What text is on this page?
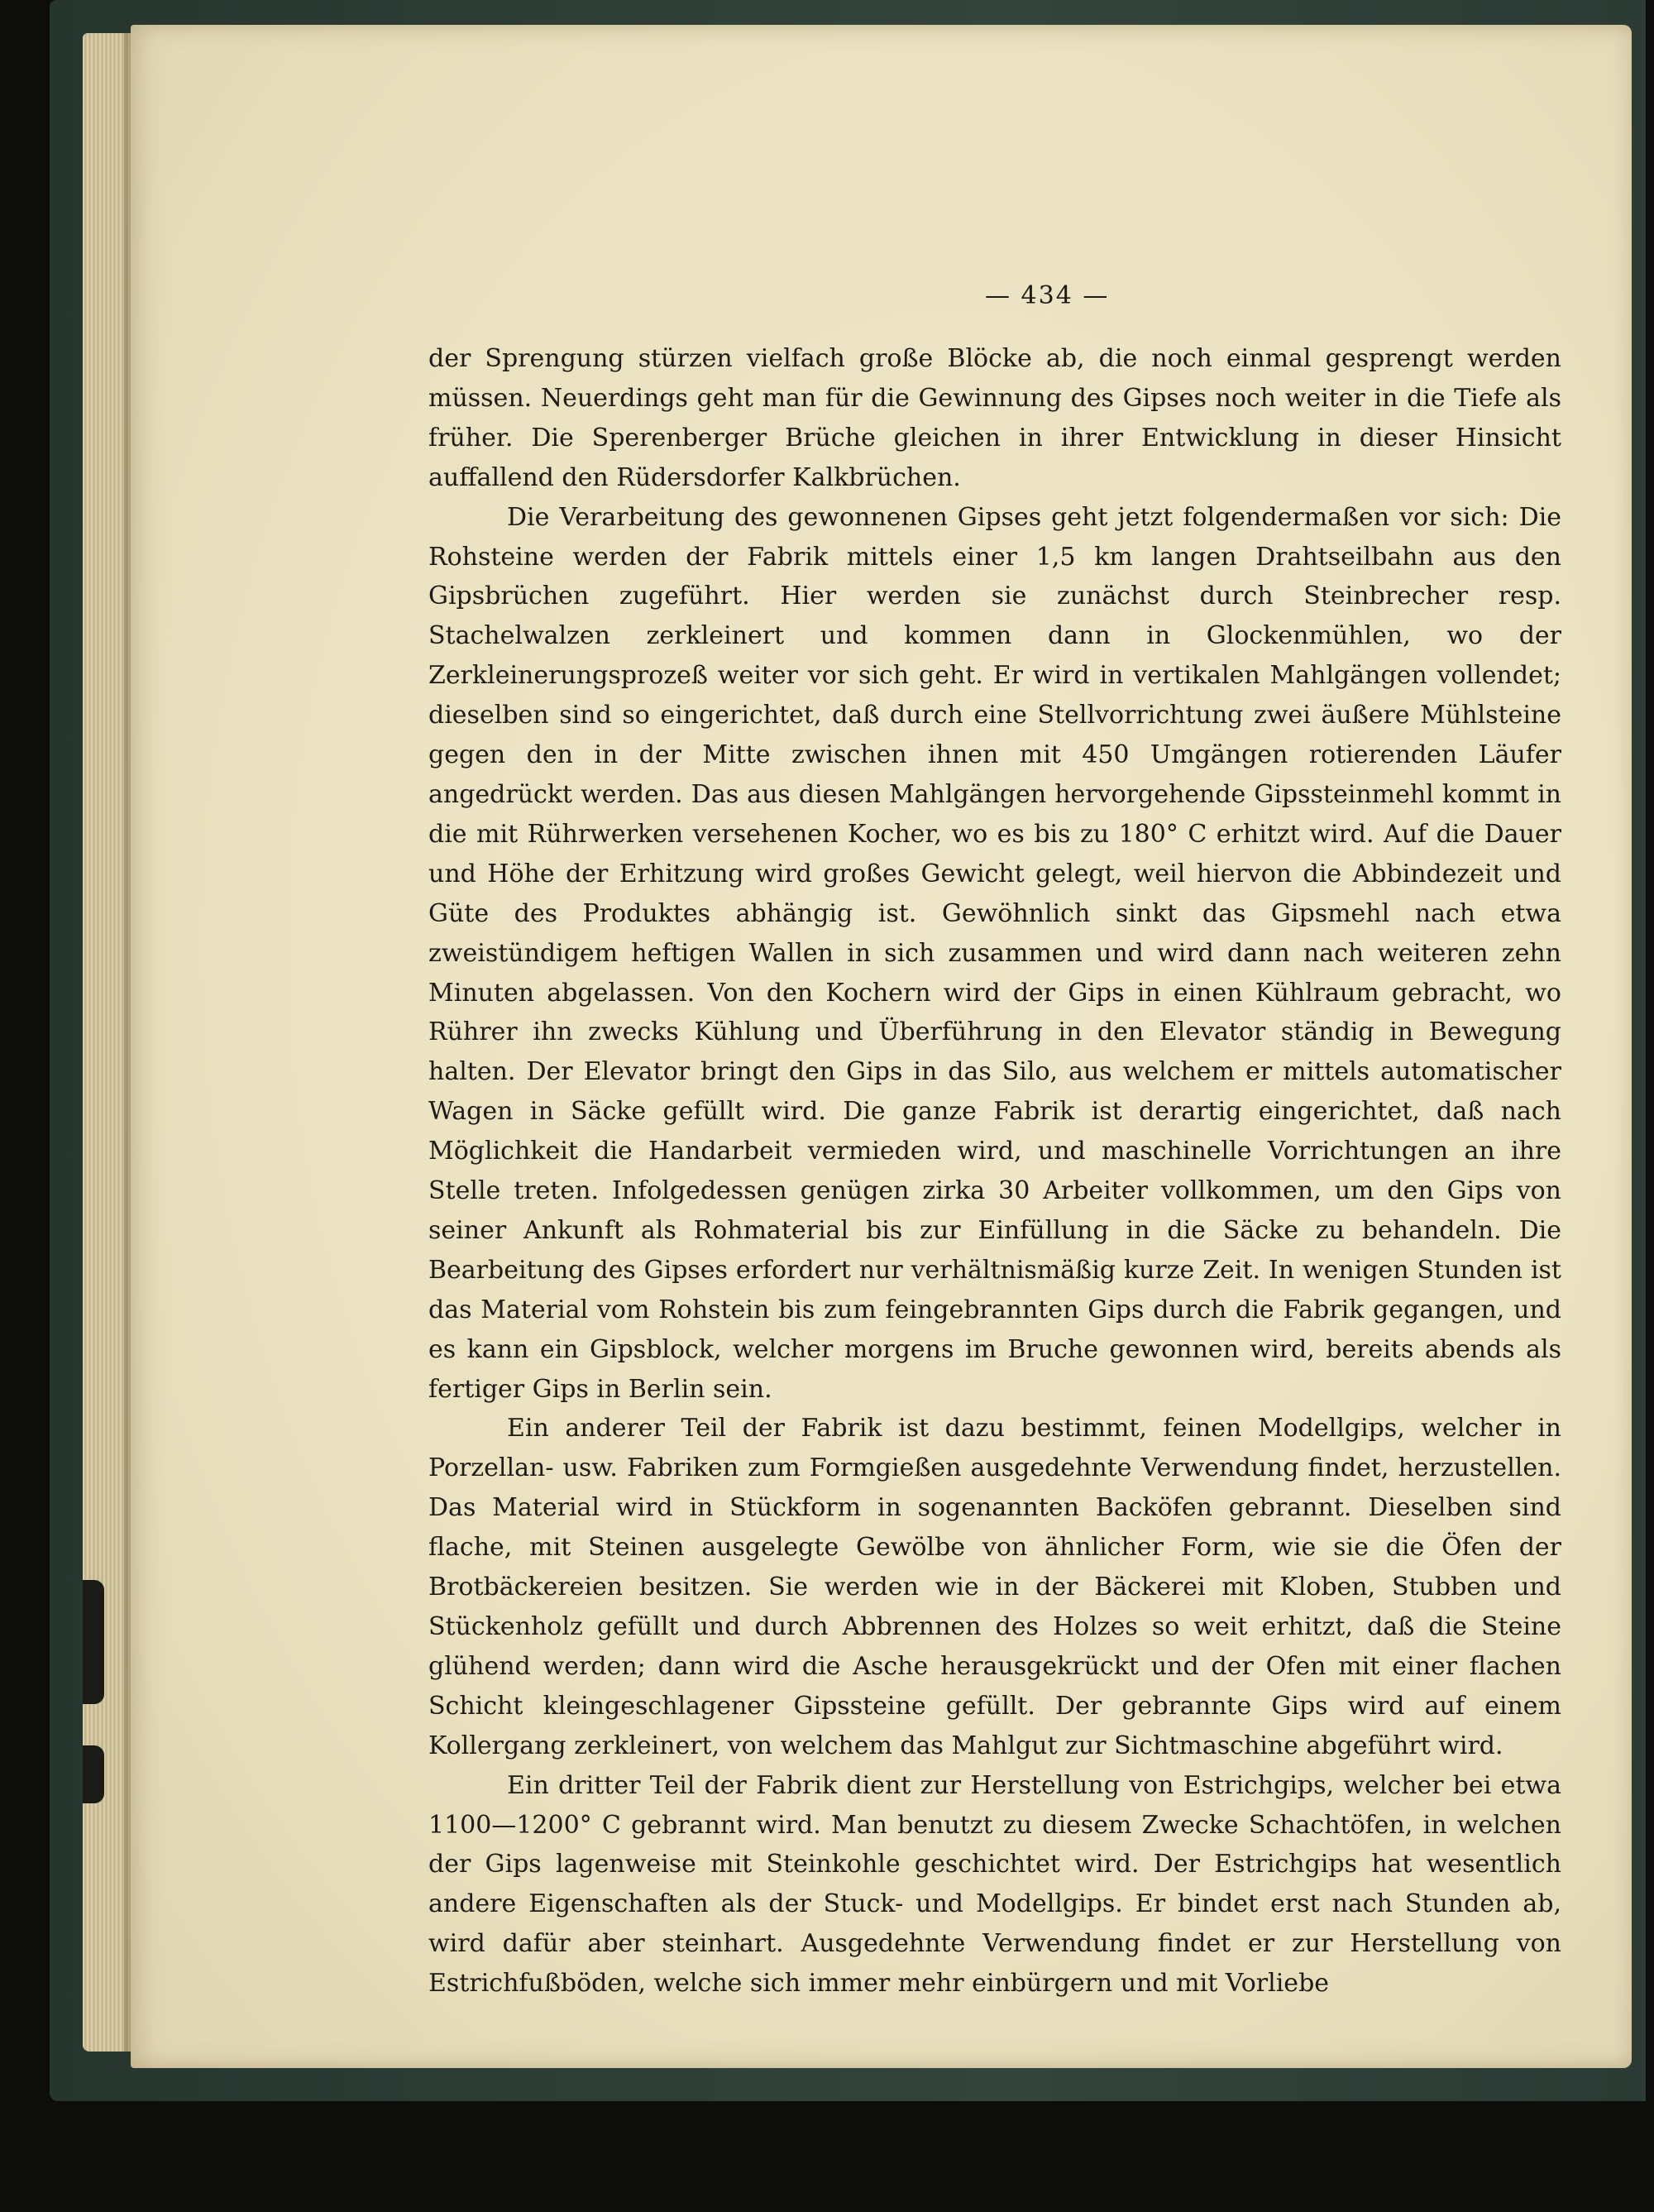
— 434 —

der Sprengung stürzen vielfach große Blöcke ab, die noch einmal gesprengt werden müssen. Neuerdings geht man für die Gewinnung des Gipses noch weiter in die Tiefe als früher. Die Sperenberger Brüche gleichen in ihrer Entwicklung in dieser Hinsicht auffallend den Rüdersdorfer Kalkbrüchen.

Die Verarbeitung des gewonnenen Gipses geht jetzt folgendermaßen vor sich: Die Rohsteine werden der Fabrik mittels einer 1,5 km langen Drahtseilbahn aus den Gipsbrüchen zugeführt. Hier werden sie zunächst durch Steinbrecher resp. Stachelwalzen zerkleinert und kommen dann in Glockenmühlen, wo der Zerkleinerungsprozeß weiter vor sich geht. Er wird in vertikalen Mahlgängen vollendet; dieselben sind so eingerichtet, daß durch eine Stellvorrichtung zwei äußere Mühlsteine gegen den in der Mitte zwischen ihnen mit 450 Umgängen rotierenden Läufer angedrückt werden. Das aus diesen Mahlgängen hervorgehende Gipssteinmehl kommt in die mit Rührwerken versehenen Kocher, wo es bis zu 180° C erhitzt wird. Auf die Dauer und Höhe der Erhitzung wird großes Gewicht gelegt, weil hiervon die Abbindezeit und Güte des Produktes abhängig ist. Gewöhnlich sinkt das Gipsmehl nach etwa zweistündigem heftigen Wallen in sich zusammen und wird dann nach weiteren zehn Minuten abgelassen. Von den Kochern wird der Gips in einen Kühlraum gebracht, wo Rührer ihn zwecks Kühlung und Überführung in den Elevator ständig in Bewegung halten. Der Elevator bringt den Gips in das Silo, aus welchem er mittels automatischer Wagen in Säcke gefüllt wird. Die ganze Fabrik ist derartig eingerichtet, daß nach Möglichkeit die Handarbeit vermieden wird, und maschinelle Vorrichtungen an ihre Stelle treten. Infolgedessen genügen zirka 30 Arbeiter vollkommen, um den Gips von seiner Ankunft als Rohmaterial bis zur Einfüllung in die Säcke zu behandeln. Die Bearbeitung des Gipses erfordert nur verhältnismäßig kurze Zeit. In wenigen Stunden ist das Material vom Rohstein bis zum feingebrannten Gips durch die Fabrik gegangen, und es kann ein Gipsblock, welcher morgens im Bruche gewonnen wird, bereits abends als fertiger Gips in Berlin sein.

Ein anderer Teil der Fabrik ist dazu bestimmt, feinen Modellgips, welcher in Porzellan- usw. Fabriken zum Formgießen ausgedehnte Verwendung findet, herzustellen. Das Material wird in Stückform in sogenannten Backöfen gebrannt. Dieselben sind flache, mit Steinen ausgelegte Gewölbe von ähnlicher Form, wie sie die Öfen der Brotbäckereien besitzen. Sie werden wie in der Bäckerei mit Kloben, Stubben und Stückenholz gefüllt und durch Abbrennen des Holzes so weit erhitzt, daß die Steine glühend werden; dann wird die Asche herausgekrückt und der Ofen mit einer flachen Schicht kleingeschlagener Gipssteine gefüllt. Der gebrannte Gips wird auf einem Kollergang zerkleinert, von welchem das Mahlgut zur Sichtmaschine abgeführt wird.

Ein dritter Teil der Fabrik dient zur Herstellung von Estrichgips, welcher bei etwa 1100—1200° C gebrannt wird. Man benutzt zu diesem Zwecke Schachtöfen, in welchen der Gips lagenweise mit Steinkohle geschichtet wird. Der Estrichgips hat wesentlich andere Eigenschaften als der Stuck- und Modellgips. Er bindet erst nach Stunden ab, wird dafür aber steinhart. Ausgedehnte Verwendung findet er zur Herstellung von Estrichfußböden, welche sich immer mehr einbürgern und mit Vorliebe
